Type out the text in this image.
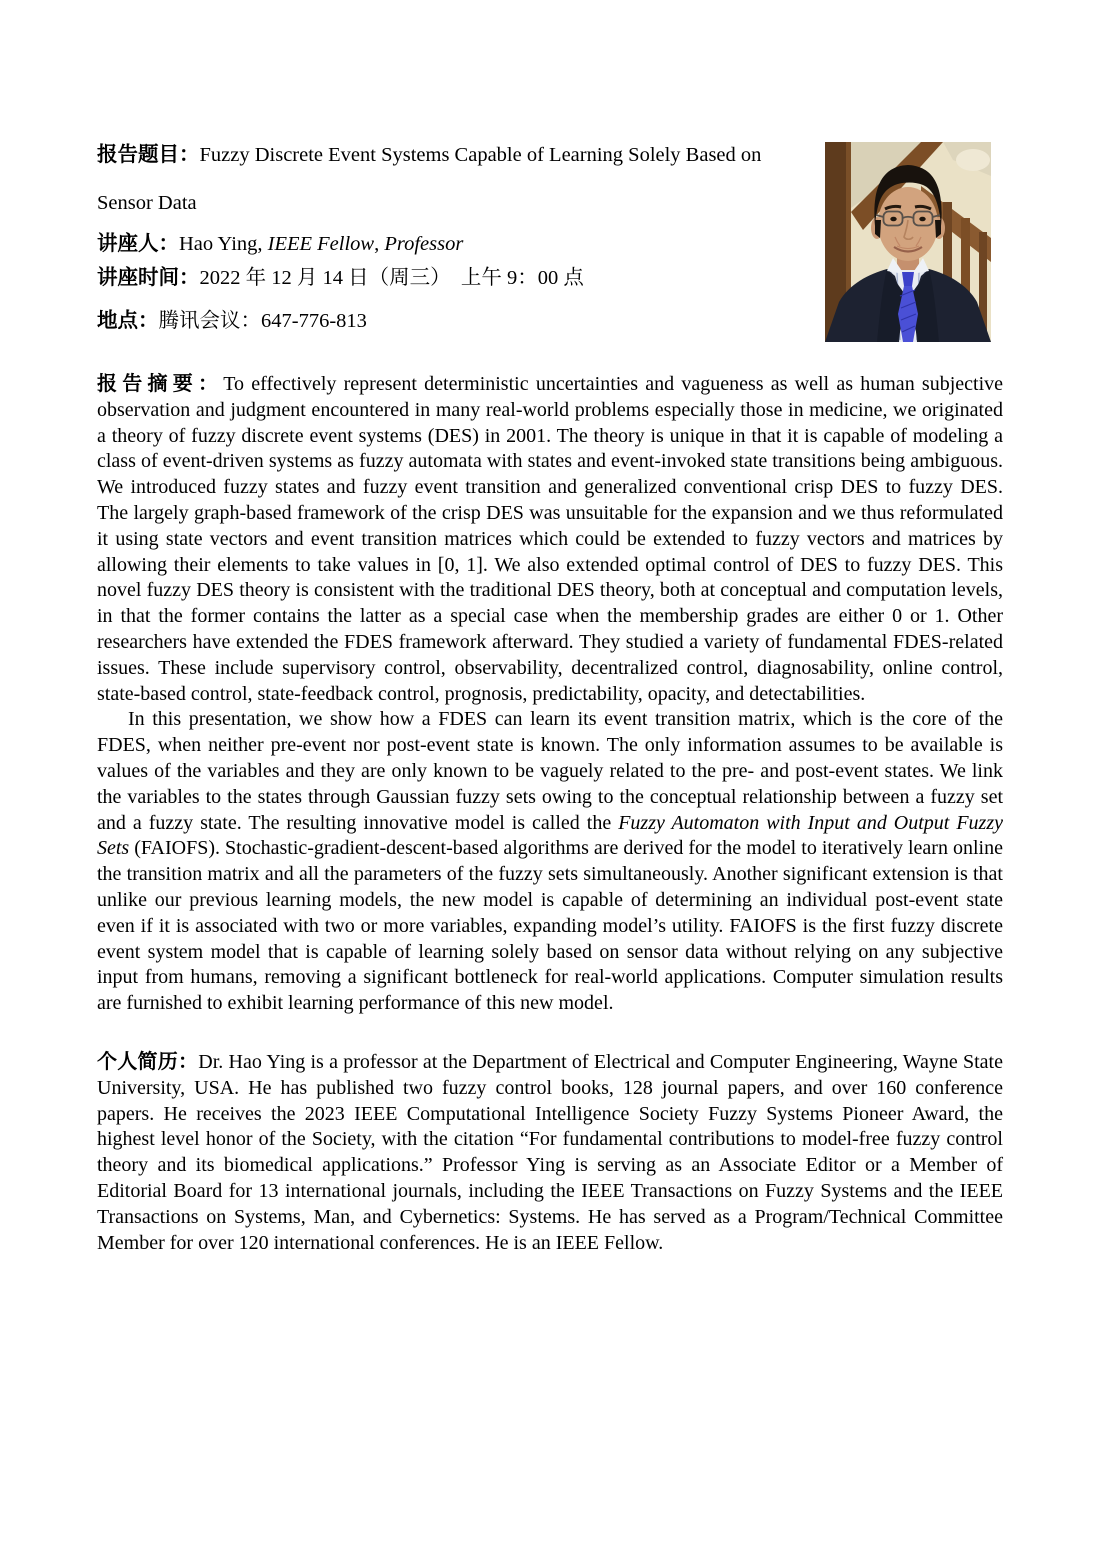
报告题目：Fuzzy Discrete Event Systems Capable of Learning Solely Based on
Sensor Data

讲座人：Hao Ying, IEEE Fellow, Professor

讲座时间：2022 年 12 月 14 日（周三）　上午 9：00 点

地点：腾讯会议：647-776-813

报告摘要：To effectively represent deterministic uncertainties and vagueness as well as human subjective observation and judgment encountered in many real-world problems especially those in medicine, we originated a theory of fuzzy discrete event systems (DES) in 2001. The theory is unique in that it is capable of modeling a class of event-driven systems as fuzzy automata with states and event-invoked state transitions being ambiguous. We introduced fuzzy states and fuzzy event transition and generalized conventional crisp DES to fuzzy DES. The largely graph-based framework of the crisp DES was unsuitable for the expansion and we thus reformulated it using state vectors and event transition matrices which could be extended to fuzzy vectors and matrices by allowing their elements to take values in [0, 1]. We also extended optimal control of DES to fuzzy DES. This novel fuzzy DES theory is consistent with the traditional DES theory, both at conceptual and computation levels, in that the former contains the latter as a special case when the membership grades are either 0 or 1. Other researchers have extended the FDES framework afterward. They studied a variety of fundamental FDES-related issues. These include supervisory control, observability, decentralized control, diagnosability, online control, state-based control, state-feedback control, prognosis, predictability, opacity, and detectabilities.

In this presentation, we show how a FDES can learn its event transition matrix, which is the core of the FDES, when neither pre-event nor post-event state is known. The only information assumes to be available is values of the variables and they are only known to be vaguely related to the pre- and post-event states. We link the variables to the states through Gaussian fuzzy sets owing to the conceptual relationship between a fuzzy set and a fuzzy state. The resulting innovative model is called the Fuzzy Automaton with Input and Output Fuzzy Sets (FAIOFS). Stochastic-gradient-descent-based algorithms are derived for the model to iteratively learn online the transition matrix and all the parameters of the fuzzy sets simultaneously. Another significant extension is that unlike our previous learning models, the new model is capable of determining an individual post-event state even if it is associated with two or more variables, expanding model’s utility. FAIOFS is the first fuzzy discrete event system model that is capable of learning solely based on sensor data without relying on any subjective input from humans, removing a significant bottleneck for real-world applications. Computer simulation results are furnished to exhibit learning performance of this new model.

个人简历：Dr. Hao Ying is a professor at the Department of Electrical and Computer Engineering, Wayne State University, USA. He has published two fuzzy control books, 128 journal papers, and over 160 conference papers. He receives the 2023 IEEE Computational Intelligence Society Fuzzy Systems Pioneer Award, the highest level honor of the Society, with the citation “For fundamental contributions to model-free fuzzy control theory and its biomedical applications.” Professor Ying is serving as an Associate Editor or a Member of Editorial Board for 13 international journals, including the IEEE Transactions on Fuzzy Systems and the IEEE Transactions on Systems, Man, and Cybernetics: Systems. He has served as a Program/Technical Committee Member for over 120 international conferences. He is an IEEE Fellow.
